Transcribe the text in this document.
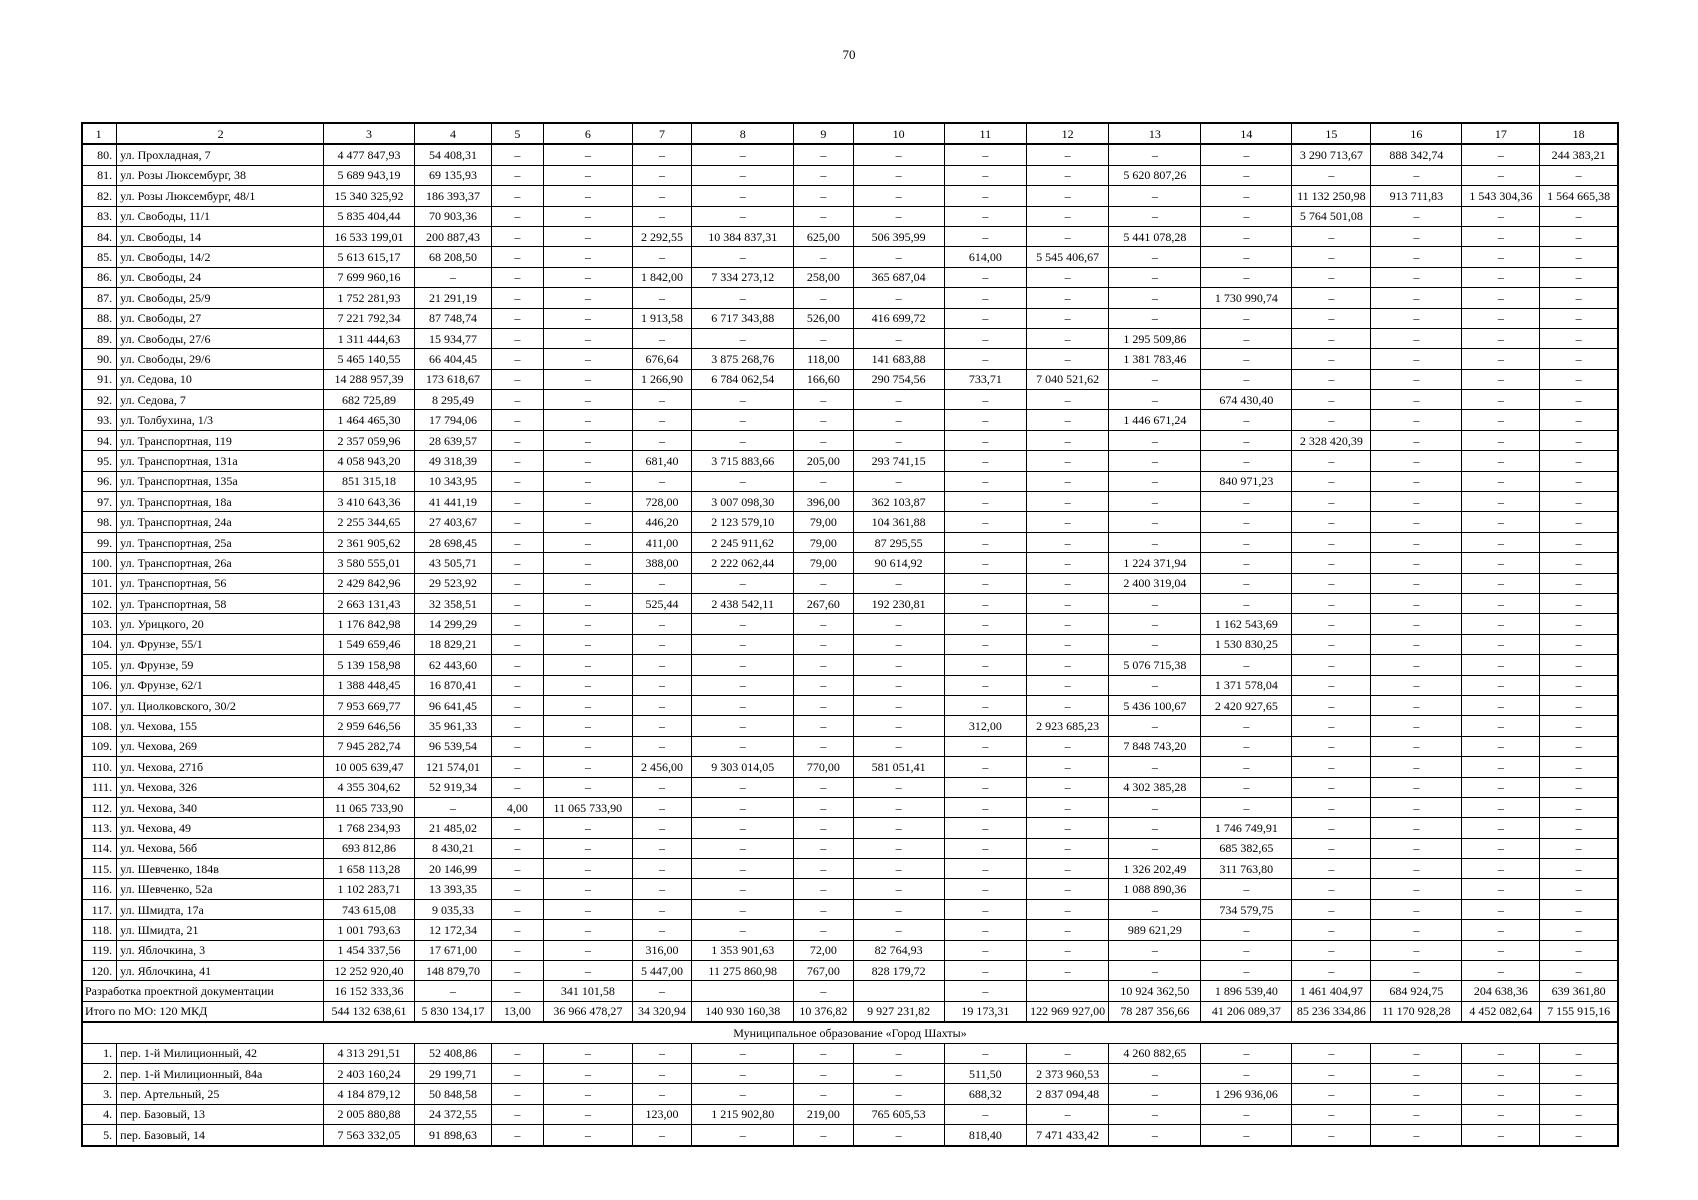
70
1	2	3	4	5	6	7	8	9	10	11	12	13	14	15	16	17	18
80.	ул. Прохладная, 7	4 477 847,93	54 408,31	–	–	–	–	–	–	–	–	–	–	3 290 713,67	888 342,74	–	244 383,21
81.	ул. Розы Люксембург, 38	5 689 943,19	69 135,93	–	–	–	–	–	–	–	–	5 620 807,26	–	–	–	–	–
82.	ул. Розы Люксембург, 48/1	15 340 325,92	186 393,37	–	–	–	–	–	–	–	–	–	–	11 132 250,98	913 711,83	1 543 304,36	1 564 665,38
83.	ул. Свободы, 11/1	5 835 404,44	70 903,36	–	–	–	–	–	–	–	–	–	–	5 764 501,08	–	–	–
84.	ул. Свободы, 14	16 533 199,01	200 887,43	–	–	2 292,55	10 384 837,31	625,00	506 395,99	–	–	5 441 078,28	–	–	–	–	–
85.	ул. Свободы, 14/2	5 613 615,17	68 208,50	–	–	–	–	–	–	614,00	5 545 406,67	–	–	–	–	–	–
86.	ул. Свободы, 24	7 699 960,16	–	–	–	1 842,00	7 334 273,12	258,00	365 687,04	–	–	–	–	–	–	–	–
87.	ул. Свободы, 25/9	1 752 281,93	21 291,19	–	–	–	–	–	–	–	–	–	1 730 990,74	–	–	–	–
88.	ул. Свободы, 27	7 221 792,34	87 748,74	–	–	1 913,58	6 717 343,88	526,00	416 699,72	–	–	–	–	–	–	–	–
89.	ул. Свободы, 27/6	1 311 444,63	15 934,77	–	–	–	–	–	–	–	–	1 295 509,86	–	–	–	–	–
90.	ул. Свободы, 29/6	5 465 140,55	66 404,45	–	–	676,64	3 875 268,76	118,00	141 683,88	–	–	1 381 783,46	–	–	–	–	–
91.	ул. Седова, 10	14 288 957,39	173 618,67	–	–	1 266,90	6 784 062,54	166,60	290 754,56	733,71	7 040 521,62	–	–	–	–	–	–
92.	ул. Седова, 7	682 725,89	8 295,49	–	–	–	–	–	–	–	–	–	674 430,40	–	–	–	–
93.	ул. Толбухина, 1/3	1 464 465,30	17 794,06	–	–	–	–	–	–	–	–	1 446 671,24	–	–	–	–	–
94.	ул. Транспортная, 119	2 357 059,96	28 639,57	–	–	–	–	–	–	–	–	–	–	2 328 420,39	–	–	–
95.	ул. Транспортная, 131а	4 058 943,20	49 318,39	–	–	681,40	3 715 883,66	205,00	293 741,15	–	–	–	–	–	–	–	–
96.	ул. Транспортная, 135а	851 315,18	10 343,95	–	–	–	–	–	–	–	–	–	840 971,23	–	–	–	–
97.	ул. Транспортная, 18а	3 410 643,36	41 441,19	–	–	728,00	3 007 098,30	396,00	362 103,87	–	–	–	–	–	–	–	–
98.	ул. Транспортная, 24а	2 255 344,65	27 403,67	–	–	446,20	2 123 579,10	79,00	104 361,88	–	–	–	–	–	–	–	–
99.	ул. Транспортная, 25а	2 361 905,62	28 698,45	–	–	411,00	2 245 911,62	79,00	87 295,55	–	–	–	–	–	–	–	–
100.	ул. Транспортная, 26а	3 580 555,01	43 505,71	–	–	388,00	2 222 062,44	79,00	90 614,92	–	–	1 224 371,94	–	–	–	–	–
101.	ул. Транспортная, 56	2 429 842,96	29 523,92	–	–	–	–	–	–	–	–	2 400 319,04	–	–	–	–	–
102.	ул. Транспортная, 58	2 663 131,43	32 358,51	–	–	525,44	2 438 542,11	267,60	192 230,81	–	–	–	–	–	–	–	–
103.	ул. Урицкого, 20	1 176 842,98	14 299,29	–	–	–	–	–	–	–	–	–	1 162 543,69	–	–	–	–
104.	ул. Фрунзе, 55/1	1 549 659,46	18 829,21	–	–	–	–	–	–	–	–	–	1 530 830,25	–	–	–	–
105.	ул. Фрунзе, 59	5 139 158,98	62 443,60	–	–	–	–	–	–	–	–	5 076 715,38	–	–	–	–	–
106.	ул. Фрунзе, 62/1	1 388 448,45	16 870,41	–	–	–	–	–	–	–	–	–	1 371 578,04	–	–	–	–
107.	ул. Циолковского, 30/2	7 953 669,77	96 641,45	–	–	–	–	–	–	–	–	5 436 100,67	2 420 927,65	–	–	–	–
108.	ул. Чехова, 155	2 959 646,56	35 961,33	–	–	–	–	–	–	312,00	2 923 685,23	–	–	–	–	–	–
109.	ул. Чехова, 269	7 945 282,74	96 539,54	–	–	–	–	–	–	–	–	7 848 743,20	–	–	–	–	–
110.	ул. Чехова, 271б	10 005 639,47	121 574,01	–	–	2 456,00	9 303 014,05	770,00	581 051,41	–	–	–	–	–	–	–	–
111.	ул. Чехова, 326	4 355 304,62	52 919,34	–	–	–	–	–	–	–	–	4 302 385,28	–	–	–	–	–
112.	ул. Чехова, 340	11 065 733,90	–	4,00	11 065 733,90	–	–	–	–	–	–	–	–	–	–	–	–
113.	ул. Чехова, 49	1 768 234,93	21 485,02	–	–	–	–	–	–	–	–	–	1 746 749,91	–	–	–	–
114.	ул. Чехова, 56б	693 812,86	8 430,21	–	–	–	–	–	–	–	–	–	685 382,65	–	–	–	–
115.	ул. Шевченко, 184в	1 658 113,28	20 146,99	–	–	–	–	–	–	–	–	1 326 202,49	311 763,80	–	–	–	–
116.	ул. Шевченко, 52а	1 102 283,71	13 393,35	–	–	–	–	–	–	–	–	1 088 890,36	–	–	–	–	–
117.	ул. Шмидта, 17а	743 615,08	9 035,33	–	–	–	–	–	–	–	–	–	734 579,75	–	–	–	–
118.	ул. Шмидта, 21	1 001 793,63	12 172,34	–	–	–	–	–	–	–	–	989 621,29	–	–	–	–	–
119.	ул. Яблочкина, 3	1 454 337,56	17 671,00	–	–	316,00	1 353 901,63	72,00	82 764,93	–	–	–	–	–	–	–	–
120.	ул. Яблочкина, 41	12 252 920,40	148 879,70	–	–	5 447,00	11 275 860,98	767,00	828 179,72	–	–	–	–	–	–	–	–
Разработка проектной документации		16 152 333,36	–	–	341 101,58	–		–		–		10 924 362,50	1 896 539,40	1 461 404,97	684 924,75	204 638,36	639 361,80
Итого по МО: 120 МКД		544 132 638,61	5 830 134,17	13,00	36 966 478,27	34 320,94	140 930 160,38	10 376,82	9 927 231,82	19 173,31	122 969 927,00	78 287 356,66	41 206 089,37	85 236 334,86	11 170 928,28	4 452 082,64	7 155 915,16
Муниципальное образование «Город Шахты»																	
1.	пер. 1-й Милиционный, 42	4 313 291,51	52 408,86	–	–	–	–	–	–	–	–	4 260 882,65	–	–	–	–	–
2.	пер. 1-й Милиционный, 84а	2 403 160,24	29 199,71	–	–	–	–	–	–	511,50	2 373 960,53	–	–	–	–	–	–
3.	пер. Артельный, 25	4 184 879,12	50 848,58	–	–	–	–	–	–	688,32	2 837 094,48	–	1 296 936,06	–	–	–	–
4.	пер. Базовый, 13	2 005 880,88	24 372,55	–	–	123,00	1 215 902,80	219,00	765 605,53	–	–	–	–	–	–	–	–
5.	пер. Базовый, 14	7 563 332,05	91 898,63	–	–	–	–	–	–	818,40	7 471 433,42	–	–	–	–	–	–
